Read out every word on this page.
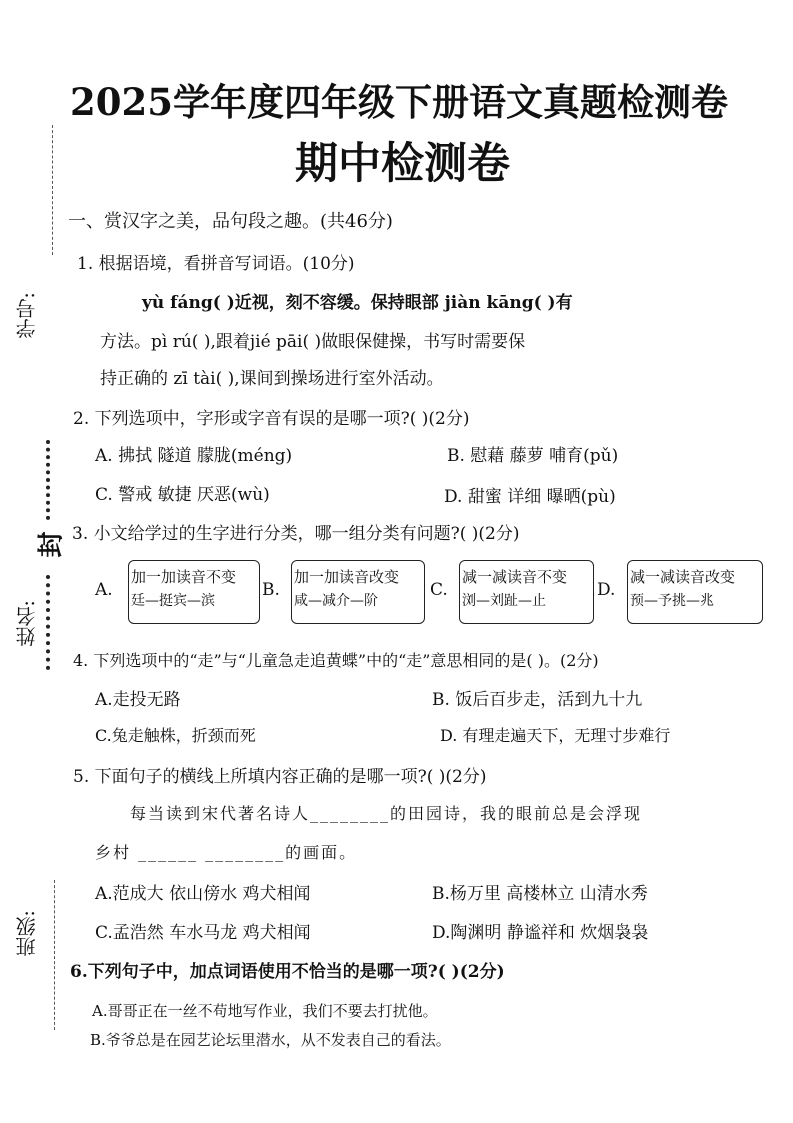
学号:
封
姓名:
班级:
2025学年度四年级下册语文真题检测卷
期中检测卷
一、赏汉字之美，品句段之趣。(共46分)
1. 根据语境，看拼音写词语。(10分)
yù fáng( )近视，刻不容缓。保持眼部 jiàn kāng( )有
方法。pì rú( ),跟着jié pāi( )做眼保健操，书写时需要保
持正确的 zī tài( ),课间到操场进行室外活动。
2. 下列选项中，字形或字音有误的是哪一项?( )(2分)
A. 拂拭 隧道 朦胧(méng)	B. 慰藉 藤萝 哺育(pǔ)
C. 警戒 敏捷 厌恶(wù)	D. 甜蜜 详细 曝晒(pù)
3. 小文给学过的生字进行分类，哪一组分类有问题?( )(2分)
A.
加一加读音不变
廷—挺宾—滨
B.
加一加读音改变
咸—减介—阶
C.
减一减读音不变
浏—刘趾—止
D.
减一减读音改变
预—予挑—兆
4. 下列选项中的“走”与“儿童急走追黄蝶”中的“走”意思相同的是( )。(2分)
A.走投无路	B. 饭后百步走，活到九十九
C.兔走触株，折颈而死	D. 有理走遍天下，无理寸步难行
5. 下面句子的横线上所填内容正确的是哪一项?( )(2分)
每当读到宋代著名诗人________的田园诗，我的眼前总是会浮现
乡村 ______ ________的画面。
A.范成大 依山傍水 鸡犬相闻	B.杨万里 高楼林立 山清水秀
C.孟浩然 车水马龙 鸡犬相闻	D.陶渊明 静谧祥和 炊烟袅袅
6.下列句子中，加点词语使用不恰当的是哪一项?( )(2分)
A.哥哥正在一丝不苟地写作业，我们不要去打扰他。
B.爷爷总是在园艺论坛里潜水，从不发表自己的看法。
